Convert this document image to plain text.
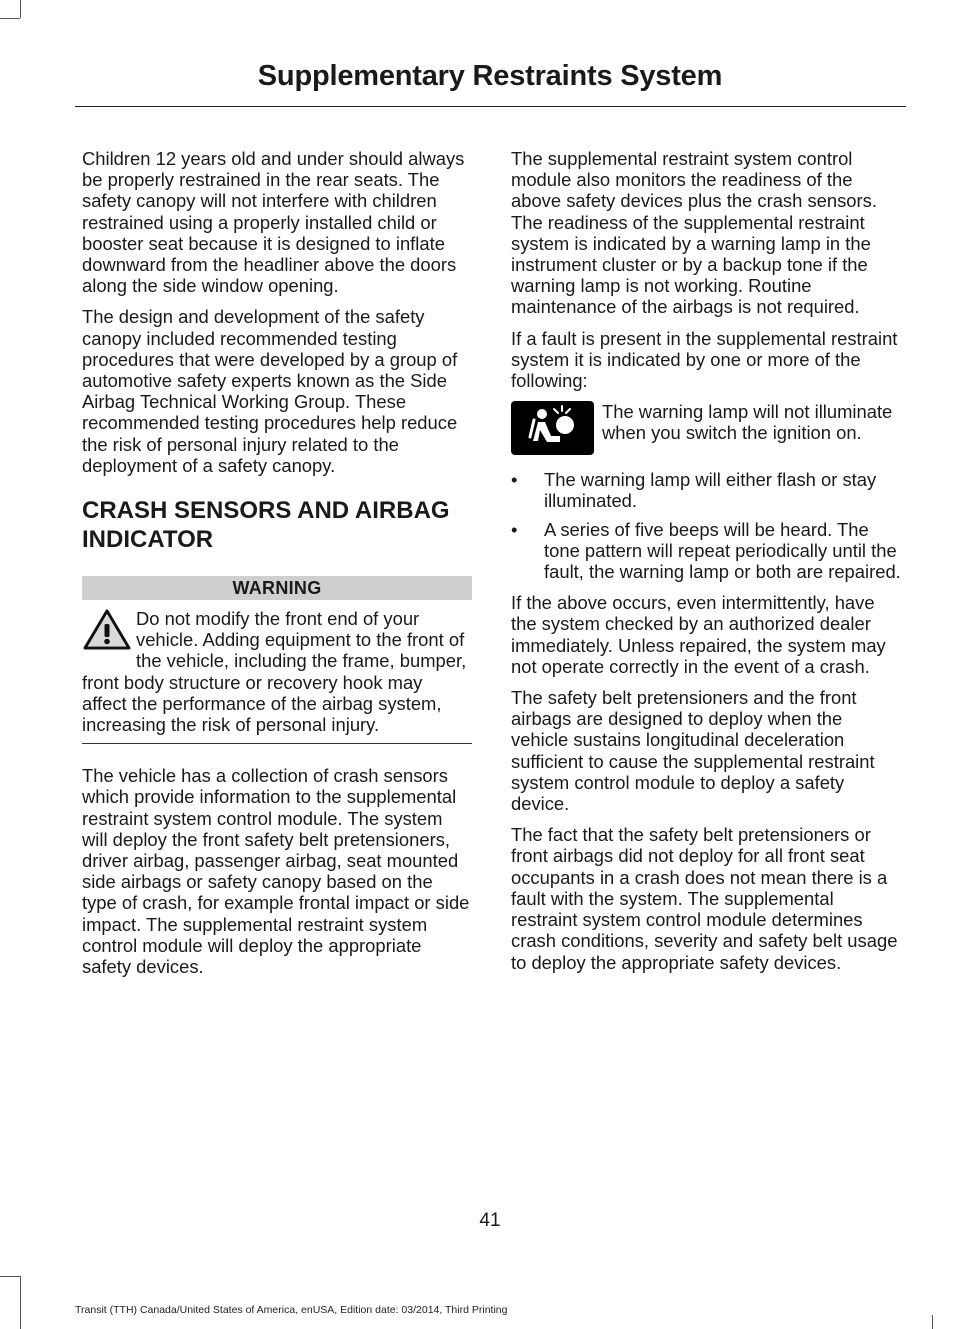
Supplementary Restraints System

Children 12 years old and under should always be properly restrained in the rear seats. The safety canopy will not interfere with children restrained using a properly installed child or booster seat because it is designed to inflate downward from the headliner above the doors along the side window opening.

The design and development of the safety canopy included recommended testing procedures that were developed by a group of automotive safety experts known as the Side Airbag Technical Working Group. These recommended testing procedures help reduce the risk of personal injury related to the deployment of a safety canopy.

CRASH SENSORS AND AIRBAG INDICATOR
WARNING
Do not modify the front end of your vehicle. Adding equipment to the front of the vehicle, including the frame, bumper, front body structure or recovery hook may affect the performance of the airbag system, increasing the risk of personal injury.

The vehicle has a collection of crash sensors which provide information to the supplemental restraint system control module. The system will deploy the front safety belt pretensioners, driver airbag, passenger airbag, seat mounted side airbags or safety canopy based on the type of crash, for example frontal impact or side impact. The supplemental restraint system control module will deploy the appropriate safety devices.

The supplemental restraint system control module also monitors the readiness of the above safety devices plus the crash sensors. The readiness of the supplemental restraint system is indicated by a warning lamp in the instrument cluster or by a backup tone if the warning lamp is not working. Routine maintenance of the airbags is not required.

If a fault is present in the supplemental restraint system it is indicated by one or more of the following:

The warning lamp will not illuminate when you switch the ignition on.
• The warning lamp will either flash or stay illuminated.
• A series of five beeps will be heard. The tone pattern will repeat periodically until the fault, the warning lamp or both are repaired.

If the above occurs, even intermittently, have the system checked by an authorized dealer immediately. Unless repaired, the system may not operate correctly in the event of a crash.

The safety belt pretensioners and the front airbags are designed to deploy when the vehicle sustains longitudinal deceleration sufficient to cause the supplemental restraint system control module to deploy a safety device.

The fact that the safety belt pretensioners or front airbags did not deploy for all front seat occupants in a crash does not mean there is a fault with the system. The supplemental restraint system control module determines crash conditions, severity and safety belt usage to deploy the appropriate safety devices.

41
Transit (TTH) Canada/United States of America, enUSA, Edition date: 03/2014, Third Printing
